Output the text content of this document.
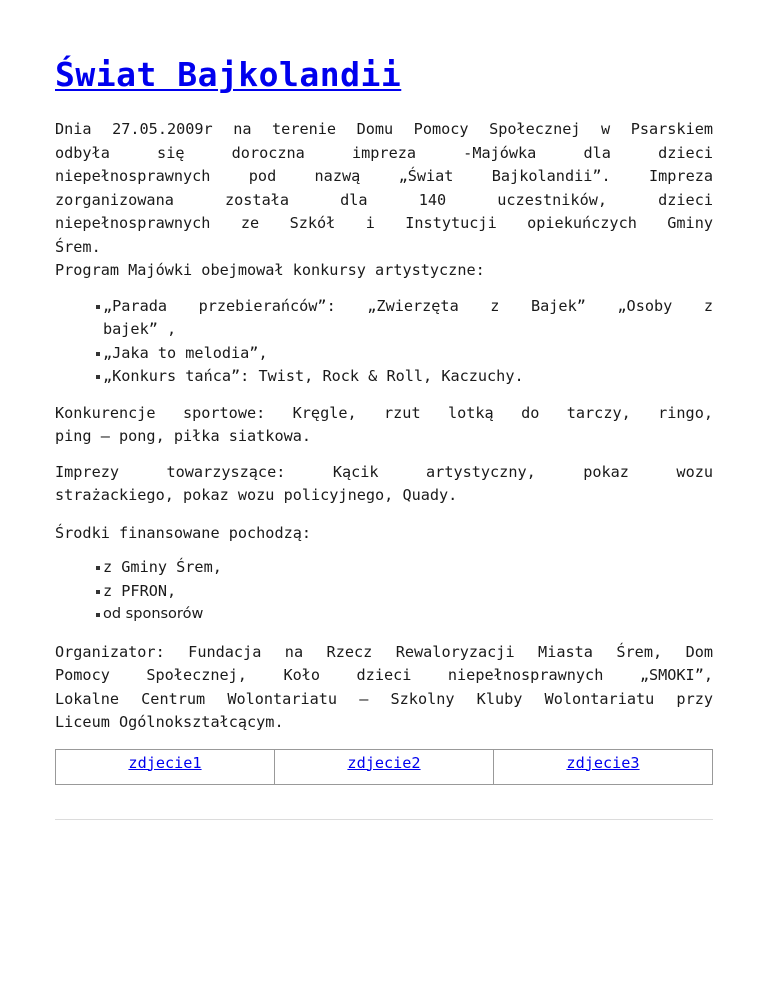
Świat Bajkolandii

Dnia 27.05.2009r na terenie Domu Pomocy Społecznej w Psarskiem
odbyła się doroczna impreza -Majówka dla dzieci
niepełnosprawnych pod nazwą „Świat Bajkolandii”. Impreza
zorganizowana została dla 140 uczestników, dzieci
niepełnosprawnych ze Szkół i Instytucji opiekuńczych Gminy
Śrem.
Program Majówki obejmował konkursy artystyczne:

„Parada przebierańców”: „Zwierzęta z Bajek” „Osoby z
bajek” ,
„Jaka to melodia”,
„Konkurs tańca”: Twist, Rock & Roll, Kaczuchy.

Konkurencje sportowe: Kręgle, rzut lotką do tarczy, ringo,
ping – pong, piłka siatkowa.

Imprezy towarzyszące: Kącik artystyczny, pokaz wozu
strażackiego, pokaz wozu policyjnego, Quady.

Środki finansowane pochodzą:

z Gminy Śrem,
z PFRON,
od sponsorów

Organizator: Fundacja na Rzecz Rewaloryzacji Miasta Śrem, Dom
Pomocy Społecznej, Koło dzieci niepełnosprawnych „SMOKI”,
Lokalne Centrum Wolontariatu – Szkolny Kluby Wolontariatu przy
Liceum Ogólnokształcącym.

zdjecie1	zdjecie2	zdjecie3
